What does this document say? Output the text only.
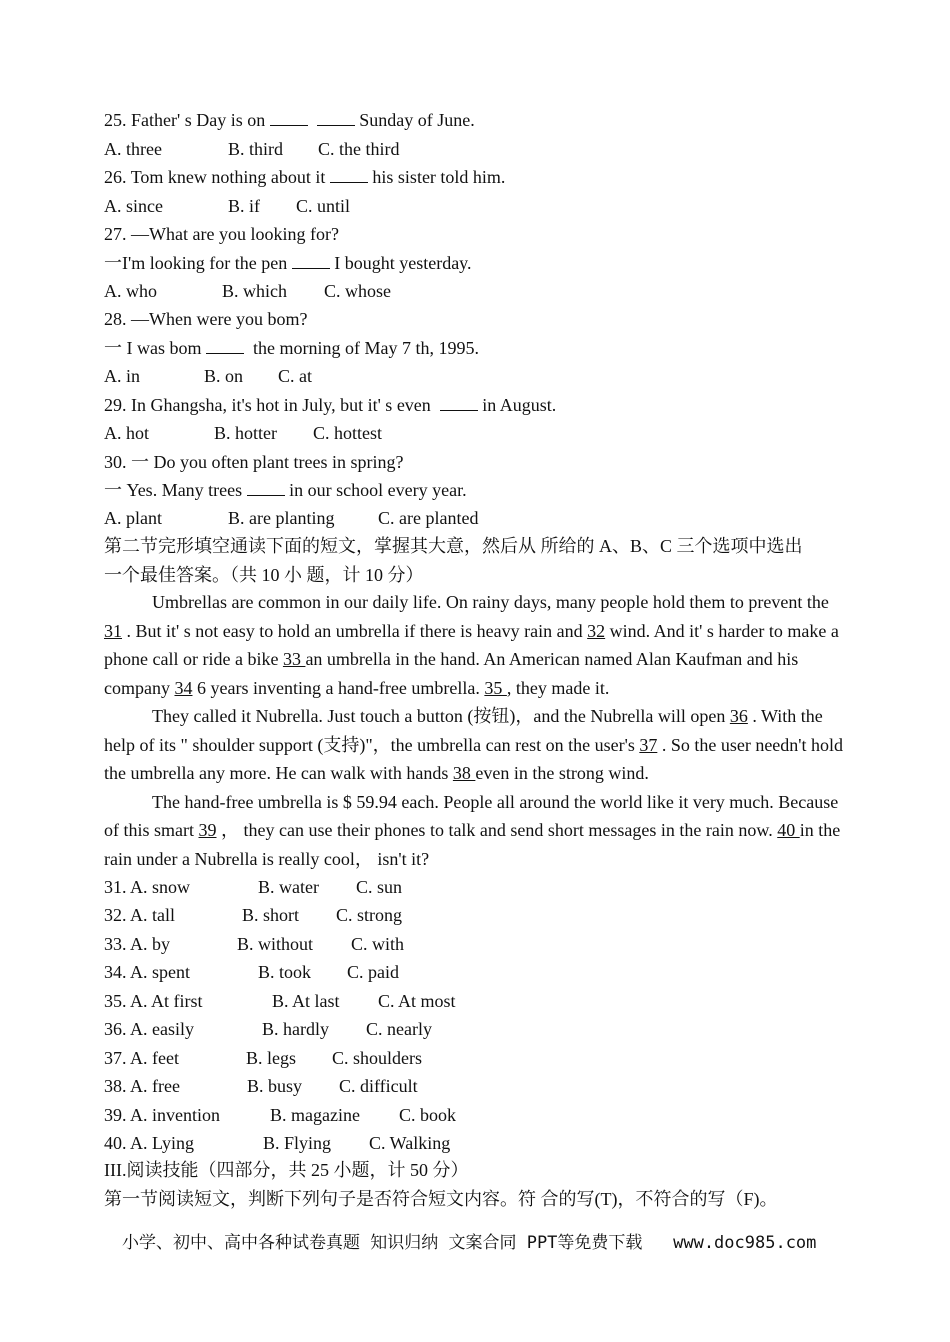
25. Father' s Day is on	Sunday of June.
A. three	B. third C. the third
26. Tom knew nothing about it	his sister told him.
A. since	B. if C. until
27. —What are you looking for?
一I'm looking for the pen	I bought yesterday.
A. who	B. which C. whose
28. —When were you bom?
一 I was bom	the morning of May 7 th, 1995.
A. in	B. on C. at
29. In Ghangsha, it's hot in July, but it' s even	in August.
A. hot	B. hotter C. hottest
30. 一 Do you often plant trees in spring?
一 Yes. Many trees	in our school every year.
A. plant	B. are planting C. are planted
第二节完形填空通读下面的短文，掌握其大意，然后从 所给的 A、B、C 三个选项中选出
一个最佳答案。（共 10 小 题，计 10 分）

Umbrellas are common in our daily life. On rainy days, many people hold them to prevent the 31 . But it' s not easy to hold an umbrella if there is heavy rain and 32 wind. And it' s harder to make a phone call or ride a bike 33 an umbrella in the hand. An American named Alan Kaufman and his company 34 6 years inventing a hand-free umbrella. 35 , they made it.

They called it Nubrella. Just touch a button (按钮)，and the Nubrella will open 36 . With the help of its " shoulder support (支持)"，the umbrella can rest on the user's 37 . So the user needn't hold the umbrella any more. He can walk with hands 38 even in the strong wind.

The hand-free umbrella is $ 59.94 each. People all around the world like it very much. Because of this smart 39 ， they can use their phones to talk and send short messages in the rain now. 40 in the rain under a Nubrella is really cool， isn't it?

31. A. snow	B. water C. sun
32. A. tall	B. short C. strong
33. A. by	B. without C. with
34. A. spent	B. took C. paid
35. A. At first	B. At last C. At most
36. A. easily	B. hardly C. nearly
37. A. feet	B. legs C. shoulders
38. A. free	B. busy C. difficult
39. A. invention	B. magazine C. book
40. A. Lying	B. Flying C. Walking
III.阅读技能（四部分，共 25 小题，计 50 分）
第一节阅读短文，判断下列句子是否符合短文内容。符 合的写(T)，不符合的写（F)。
小学、初中、高中各种试卷真题 知识归纳 文案合同 PPT等免费下载   www.doc985.com
